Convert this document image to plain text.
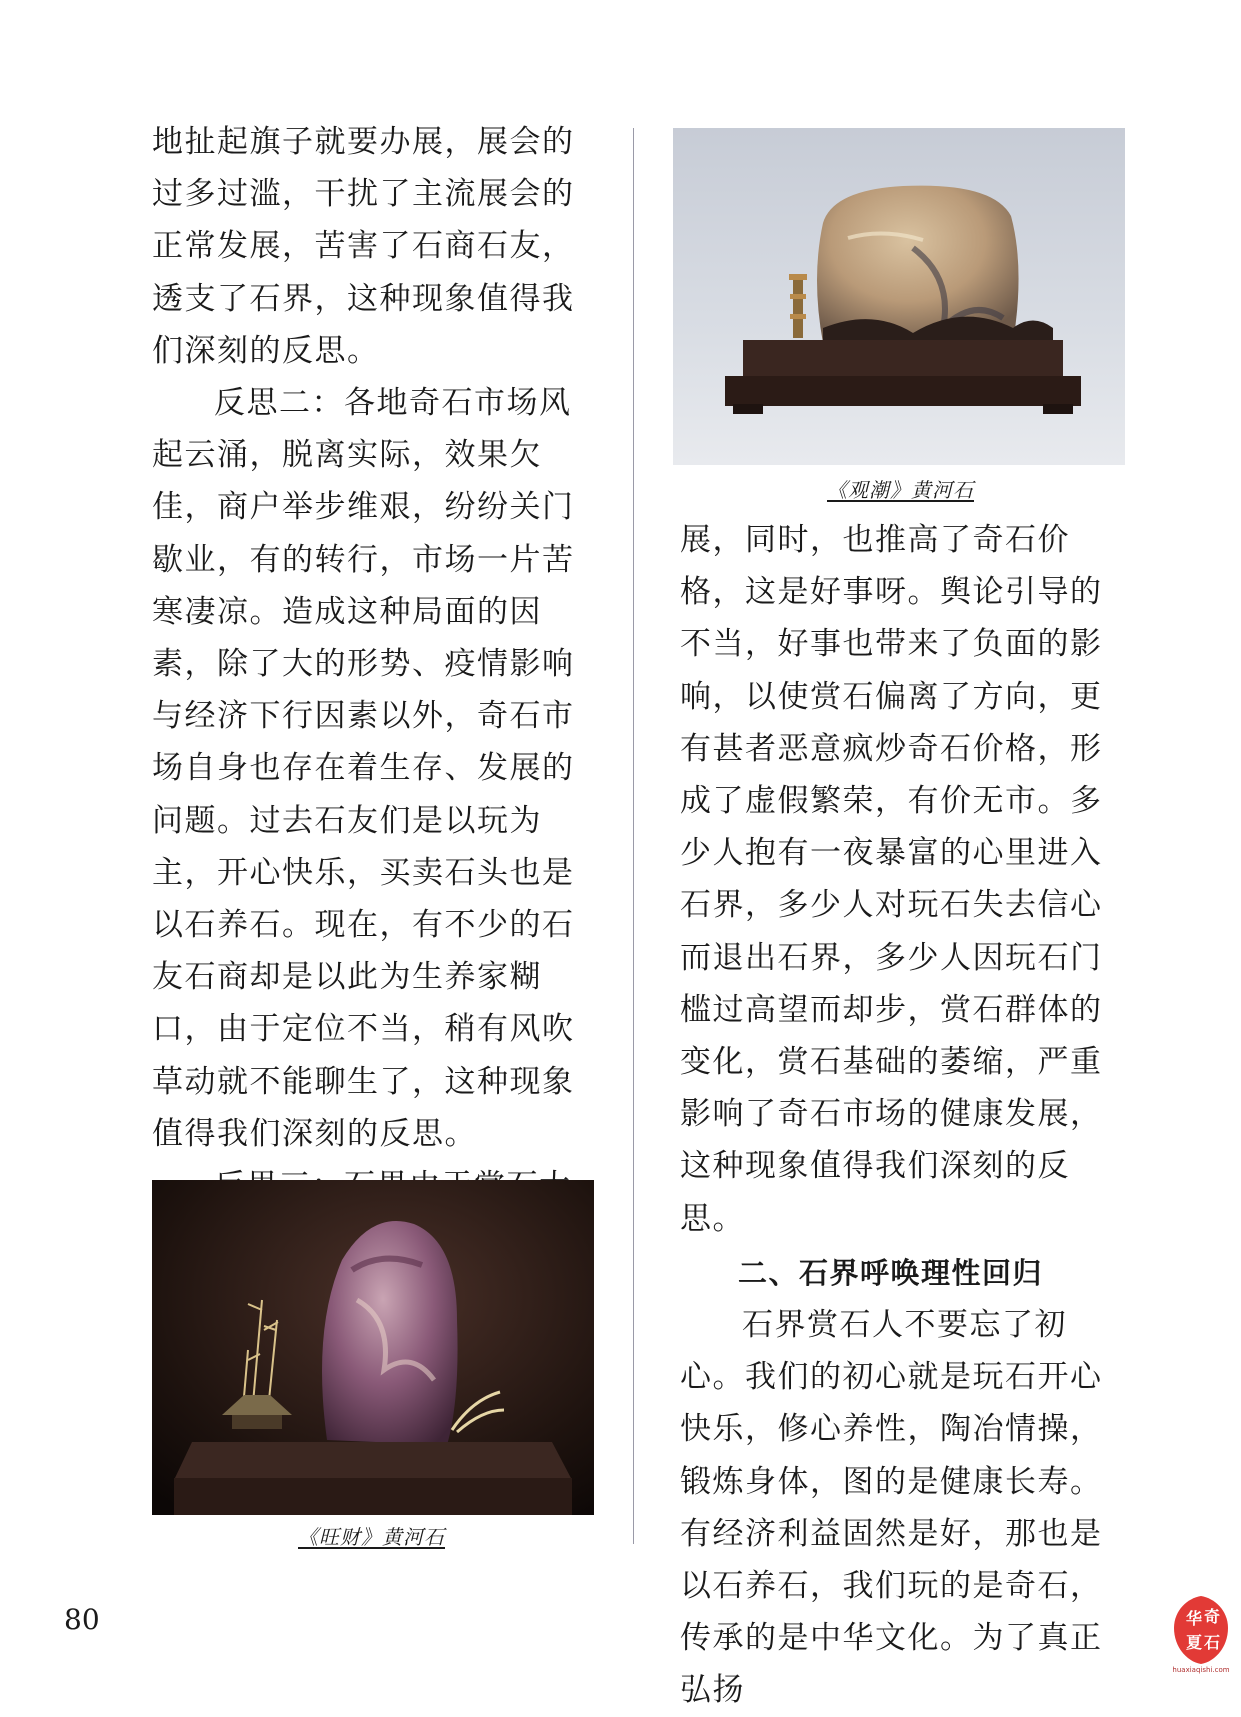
地扯起旗子就要办展，展会的过多过滥，干扰了主流展会的正常发展，苦害了石商石友，透支了石界，这种现象值得我们深刻的反思。

反思二：各地奇石市场风起云涌，脱离实际，效果欠佳，商户举步维艰，纷纷关门歇业，有的转行，市场一片苦寒凄凉。造成这种局面的因素，除了大的形势、疫情影响与经济下行因素以外，奇石市场自身也存在着生存、发展的问题。过去石友们是以玩为主，开心快乐，买卖石头也是以石养石。现在，有不少的石友石商却是以此为生养家糊口，由于定位不当，稍有风吹草动就不能聊生了，这种现象值得我们深刻的反思。

《观潮》黄河石

展，同时，也推高了奇石价格，这是好事呀。舆论引导的不当，好事也带来了负面的影响，以使赏石偏离了方向，更有甚者恶意疯炒奇石价格，形成了虚假繁荣，有价无市。多少人抱有一夜暴富的心里进入石界，多少人对玩石失去信心而退出石界，多少人因玩石门槛过高望而却步，赏石群体的变化，赏石基础的萎缩，严重影响了奇石市场的健康发展，这种现象值得我们深刻的反思。

二、石界呼唤理性回归

石界赏石人不要忘了初心。我们的初心就是玩石开心快乐，修心养性，陶冶情操，锻炼身体，图的是健康长寿。有经济利益固然是好，那也是以石养石，我们玩的是奇石，传承的是中华文化。为了真正弘扬

《旺财》黄河石
80	华 奇
夏 石
huaxiaqishi.com
